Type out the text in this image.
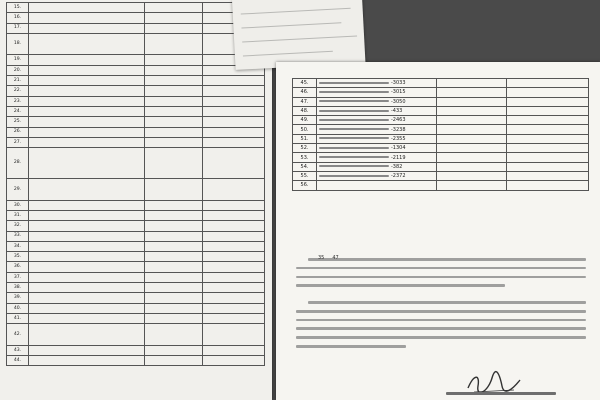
15.			
16.			
17.			
18.			
19.			
20.			
21.			
22.			
23.			
24.			
25.			
26.			
27.			
28.			
29.			
30.			
31.			
32.			
33.			
34.			
35.			
36.			
37.			
38.			
39.			
40.			
41.			
42.			
43.			
44.			
45.	-3033		
46.	-3015		
47.	-3050		
48.	-433		
49.	-2463		
50.	-3238		
51.	-2355		
52.	-1304		
53.	-2119		
54.	-382		
55.	-2372		
56.			
35 47
